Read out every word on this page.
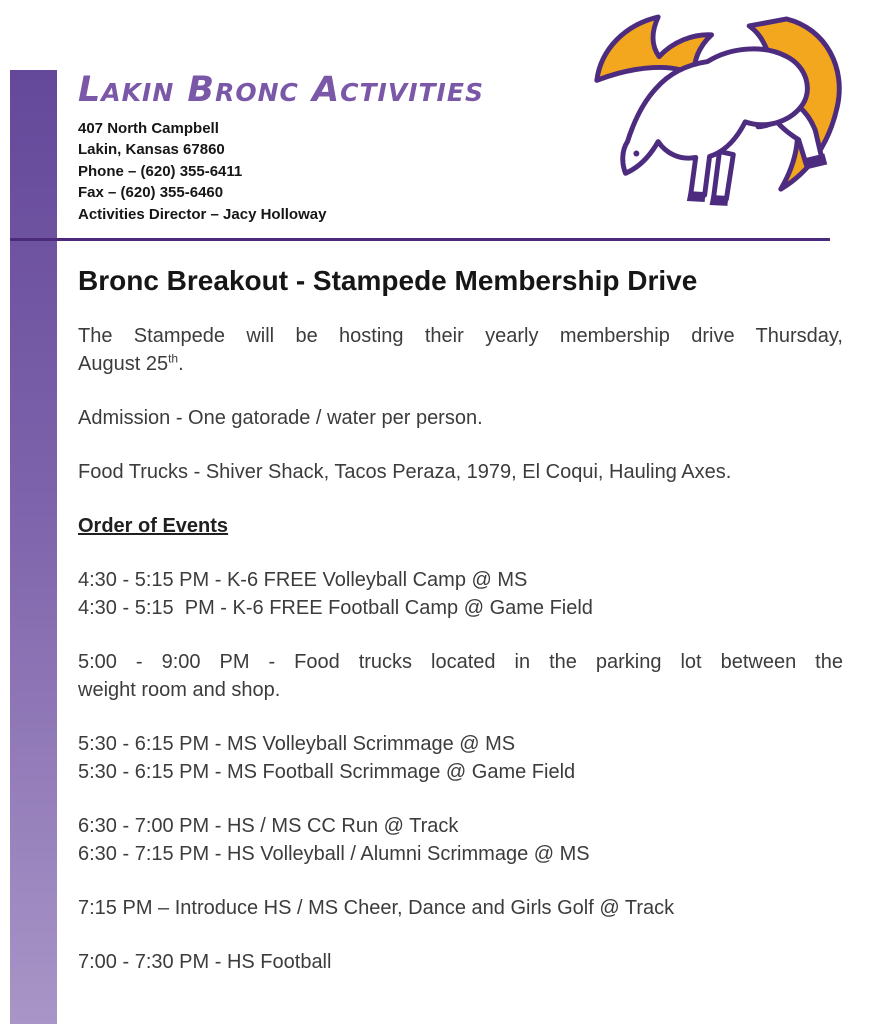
Lakin Bronc Activities
407 North Campbell
Lakin, Kansas 67860
Phone – (620) 355-6411
Fax – (620) 355-6460
Activities Director – Jacy Holloway
Bronc Breakout - Stampede Membership Drive

The Stampede will be hosting their yearly membership drive Thursday,
August 25th.

Admission - One gatorade / water per person.

Food Trucks - Shiver Shack, Tacos Peraza, 1979, El Coqui, Hauling Axes.

Order of Events
4:30 - 5:15 PM - K-6 FREE Volleyball Camp @ MS
4:30 - 5:15  PM - K-6 FREE Football Camp @ Game Field
5:00 - 9:00 PM - Food trucks located in the parking lot between the
weight room and shop.
5:30 - 6:15 PM - MS Volleyball Scrimmage @ MS
5:30 - 6:15 PM - MS Football Scrimmage @ Game Field
6:30 - 7:00 PM - HS / MS CC Run @ Track
6:30 - 7:15 PM - HS Volleyball / Alumni Scrimmage @ MS
7:15 PM – Introduce HS / MS Cheer, Dance and Girls Golf @ Track
7:00 - 7:30 PM - HS Football
